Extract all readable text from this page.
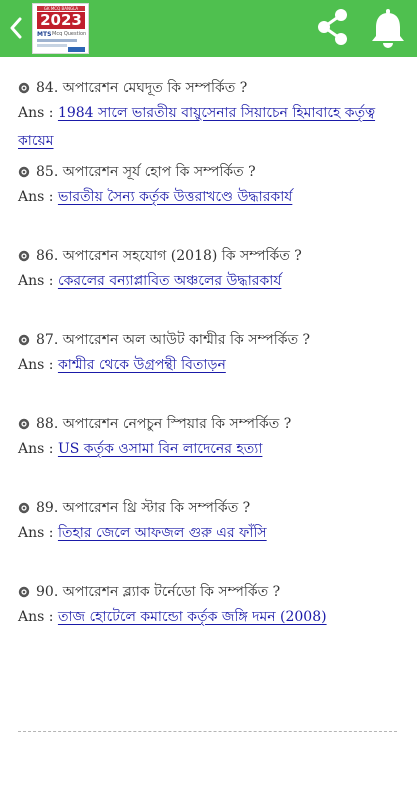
GK MCQ BANGLA
2023
MTS Mcq Question
84. অপারেশন মেঘদূত কি সম্পর্কিত ?
Ans : 1984 সালে ভারতীয় বায়ুসেনার সিয়াচেন হিমাবাহে কর্তৃত্ব কায়েম
85. অপারেশন সূর্য হোপ কি সম্পর্কিত ?
Ans : ভারতীয় সৈন্য কর্তৃক উত্তরাখণ্ডে উদ্ধারকার্য
86. অপারেশন সহযোগ (2018) কি সম্পর্কিত ?
Ans : কেরলের বন্যাপ্লাবিত অঞ্চলের উদ্ধারকার্য
87. অপারেশন অল আউট কাশ্মীর কি সম্পর্কিত ?
Ans : কাশ্মীর থেকে উগ্রপন্থী বিতাড়ন
88. অপারেশন নেপচুন স্পিয়ার কি সম্পর্কিত ?
Ans : US কর্তৃক ওসামা বিন লাদেনের হত্যা
89. অপারেশন থ্রি স্টার কি সম্পর্কিত ?
Ans : তিহার জেলে আফজল গুরু এর ফাঁসি
90. অপারেশন ব্ল্যাক টর্নেডো কি সম্পর্কিত ?
Ans : তাজ হোটেলে কমান্ডো কর্তৃক জঙ্গি দমন (2008)
